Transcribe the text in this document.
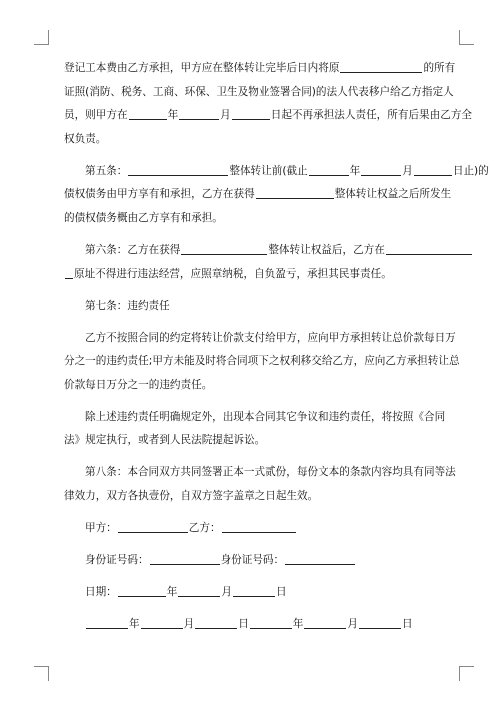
登记工本费由乙方承担，甲方应在整体转让完毕后日内将原	的所有
证照(消防、税务、工商、环保、卫生及物业签署合同)的法人代表移户给乙方指定人
员，则甲方在	年	月	日起不再承担法人责任，所有后果由乙方全
权负责。
第五条：	整体转让前(截止	年	月	日止)的
债权债务由甲方享有和承担，乙方在获得	整体转让权益之后所发生
的债权债务概由乙方享有和承担。
第六条：乙方在获得	整体转让权益后，乙方在
原址不得进行违法经营，应照章纳税，自负盈亏，承担其民事责任。
第七条：违约责任
乙方不按照合同的约定将转让价款支付给甲方，应向甲方承担转让总价款每日万
分之一的违约责任;甲方未能及时将合同项下之权利移交给乙方，应向乙方承担转让总
价款每日万分之一的违约责任。
除上述违约责任明确规定外，出现本合同其它争议和违约责任，将按照《合同
法》规定执行，或者到人民法院提起诉讼。
第八条：本合同双方共同签署正本一式贰份，每份文本的条款内容均具有同等法
律效力，双方各执壹份，自双方签字盖章之日起生效。
甲方：	乙方：
身份证号码：	身份证号码：
日期：	年	月	日
年	月	日	年	月	日
